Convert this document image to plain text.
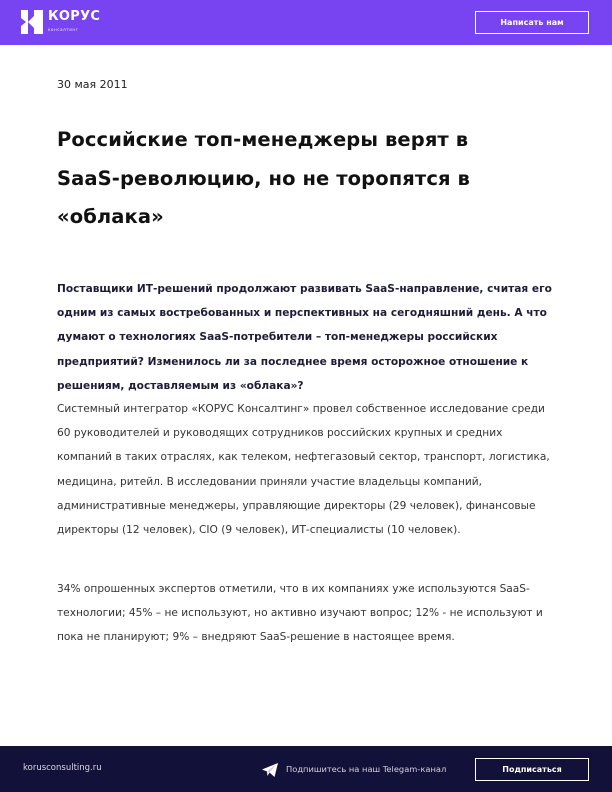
КОРУС
консалтинг
Написать нам
30 мая 2011
Российские топ-менеджеры верят в SaaS-революцию, но не торопятся в «облака»

Поставщики ИТ-решений продолжают развивать SaaS-направление, считая его одним из самых востребованных и перспективных на сегодняшний день. А что думают о технологиях SaaS-потребители – топ-менеджеры российских предприятий? Изменилось ли за последнее время осторожное отношение к решениям, доставляемым из «облака»?

Системный интегратор «КОРУС Консалтинг» провел собственное исследование среди 60 руководителей и руководящих сотрудников российских крупных и средних компаний в таких отраслях, как телеком, нефтегазовый сектор, транспорт, логистика, медицина, ритейл. В исследовании приняли участие владельцы компаний, административные менеджеры, управляющие директоры (29 человек), финансовые директоры (12 человек), CIO (9 человек), ИТ-специалисты (10 человек).

34% опрошенных экспертов отметили, что в их компаниях уже используются SaaS-технологии; 45% – не используют, но активно изучают вопрос; 12% - не используют и пока не планируют; 9% – внедряют SaaS-решение в настоящее время.

korusconsulting.ru	Подпишитесь на наш Telegam-канал	Подписаться
